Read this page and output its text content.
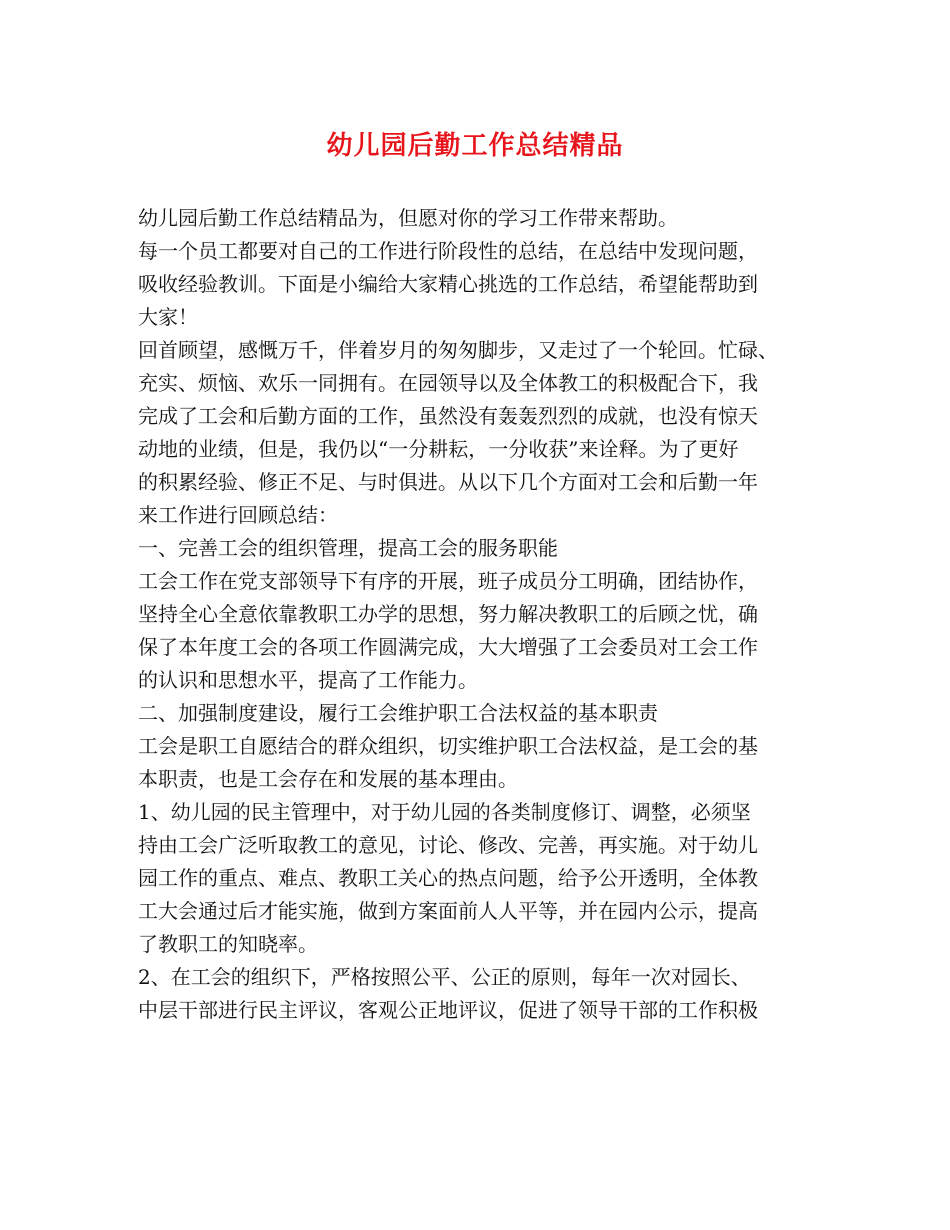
幼儿园后勤工作总结精品
幼儿园后勤工作总结精品为，但愿对你的学习工作带来帮助。
每一个员工都要对自己的工作进行阶段性的总结，在总结中发现问题，
吸收经验教训。下面是小编给大家精心挑选的工作总结，希望能帮助到
大家！
回首顾望，感慨万千，伴着岁月的匆匆脚步，又走过了一个轮回。忙碌、
充实、烦恼、欢乐一同拥有。在园领导以及全体教工的积极配合下，我
完成了工会和后勤方面的工作，虽然没有轰轰烈烈的成就，也没有惊天
动地的业绩，但是，我仍以“一分耕耘，一分收获”来诠释。为了更好
的积累经验、修正不足、与时俱进。从以下几个方面对工会和后勤一年
来工作进行回顾总结：
一、完善工会的组织管理，提高工会的服务职能
工会工作在党支部领导下有序的开展，班子成员分工明确，团结协作，
坚持全心全意依靠教职工办学的思想，努力解决教职工的后顾之忧，确
保了本年度工会的各项工作圆满完成，大大增强了工会委员对工会工作
的认识和思想水平，提高了工作能力。
二、加强制度建设，履行工会维护职工合法权益的基本职责
工会是职工自愿结合的群众组织，切实维护职工合法权益，是工会的基
本职责，也是工会存在和发展的基本理由。
1、幼儿园的民主管理中，对于幼儿园的各类制度修订、调整，必须坚
持由工会广泛听取教工的意见，讨论、修改、完善，再实施。对于幼儿
园工作的重点、难点、教职工关心的热点问题，给予公开透明，全体教
工大会通过后才能实施，做到方案面前人人平等，并在园内公示，提高
了教职工的知晓率。
2、在工会的组织下，严格按照公平、公正的原则，每年一次对园长、
中层干部进行民主评议，客观公正地评议，促进了领导干部的工作积极
